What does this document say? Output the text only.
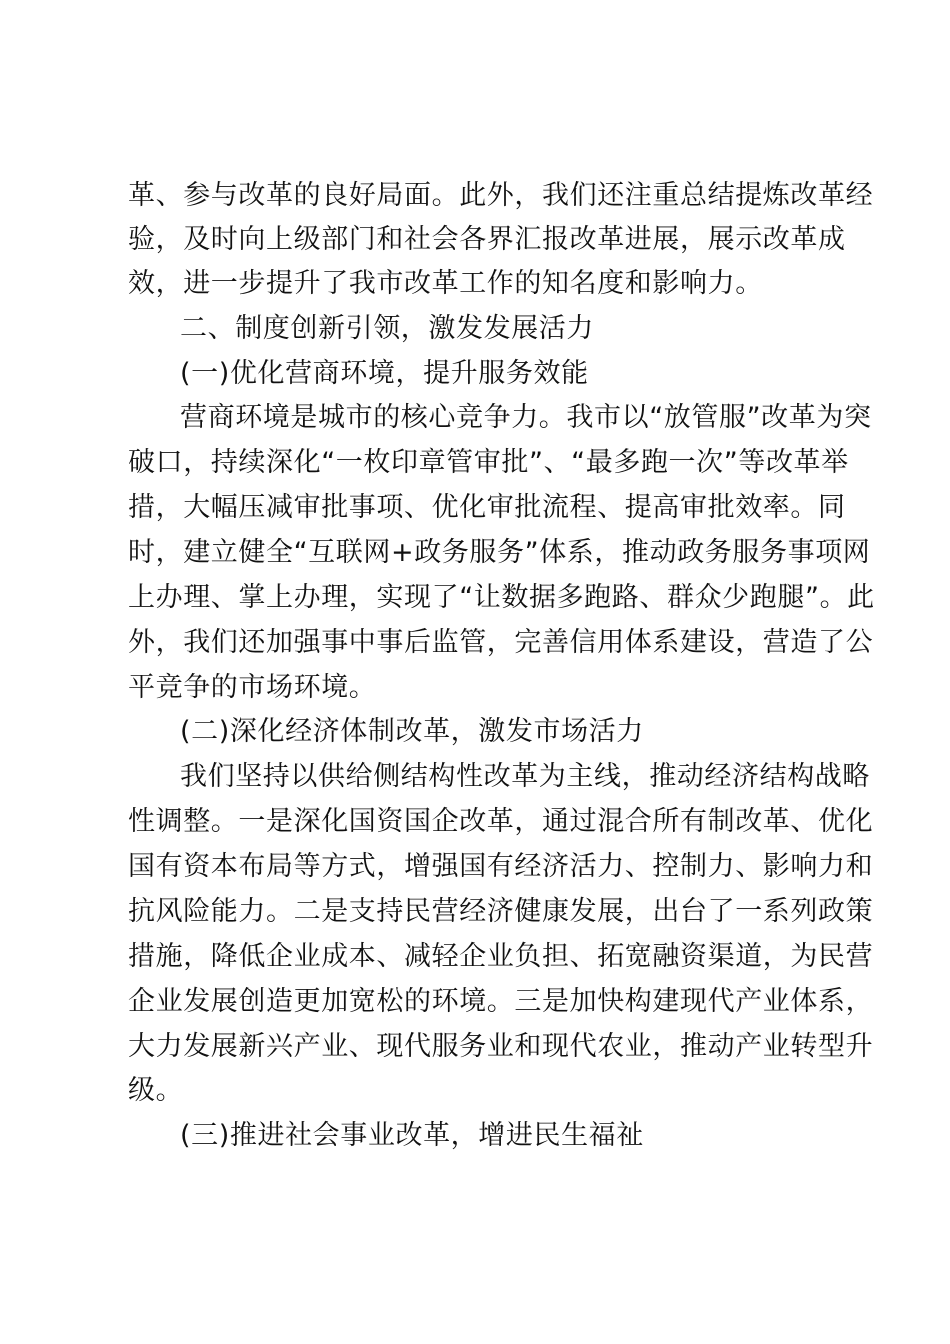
革、参与改革的良好局面。此外，我们还注重总结提炼改革经
验，及时向上级部门和社会各界汇报改革进展，展示改革成
效，进一步提升了我市改革工作的知名度和影响力。
二、制度创新引领，激发发展活力
(一)优化营商环境，提升服务效能
营商环境是城市的核心竞争力。我市以“放管服”改革为突
破口，持续深化“一枚印章管审批”、“最多跑一次”等改革举
措，大幅压减审批事项、优化审批流程、提高审批效率。同
时，建立健全“互联网+政务服务”体系，推动政务服务事项网
上办理、掌上办理，实现了“让数据多跑路、群众少跑腿”。此
外，我们还加强事中事后监管，完善信用体系建设，营造了公
平竞争的市场环境。
(二)深化经济体制改革，激发市场活力
我们坚持以供给侧结构性改革为主线，推动经济结构战略
性调整。一是深化国资国企改革，通过混合所有制改革、优化
国有资本布局等方式，增强国有经济活力、控制力、影响力和
抗风险能力。二是支持民营经济健康发展，出台了一系列政策
措施，降低企业成本、减轻企业负担、拓宽融资渠道，为民营
企业发展创造更加宽松的环境。三是加快构建现代产业体系，
大力发展新兴产业、现代服务业和现代农业，推动产业转型升
级。
(三)推进社会事业改革，增进民生福祉
